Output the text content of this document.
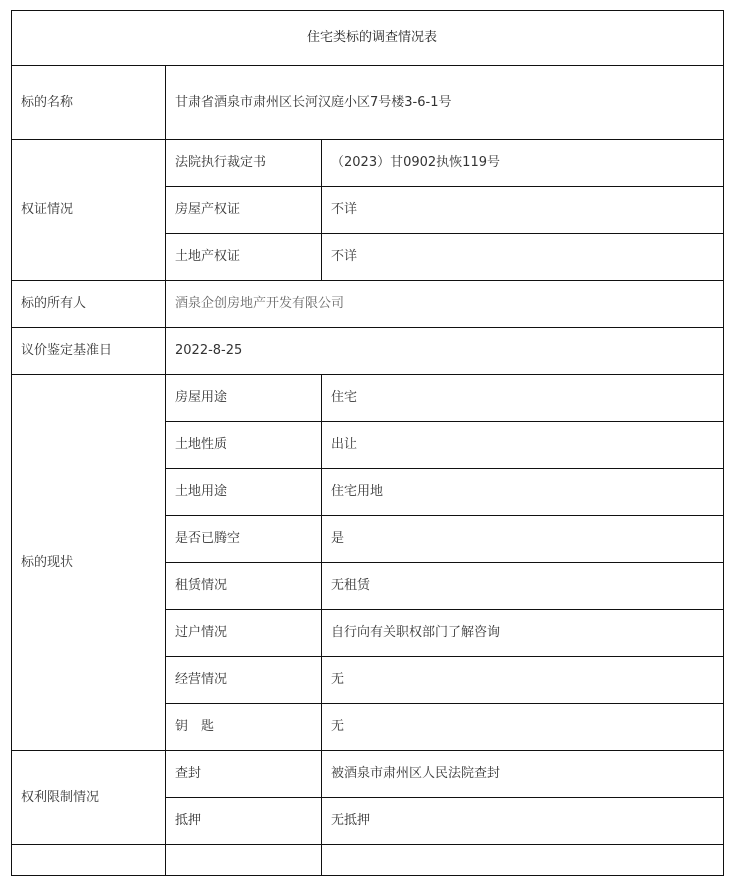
住宅类标的调查情况表		
标的名称	甘肃省酒泉市肃州区长河汉庭小区7号楼3-6-1号	
权证情况	法院执行裁定书	（2023）甘0902执恢119号
	房屋产权证	不详
	土地产权证	不详
标的所有人	酒泉企创房地产开发有限公司	
议价鉴定基准日	2022-8-25	
标的现状	房屋用途	住宅
	土地性质	出让
	土地用途	住宅用地
	是否已腾空	是
	租赁情况	无租赁
	过户情况	自行向有关职权部门了解咨询
	经营情况	无
	钥　匙	无
权利限制情况	查封	被酒泉市肃州区人民法院查封
	抵押	无抵押
